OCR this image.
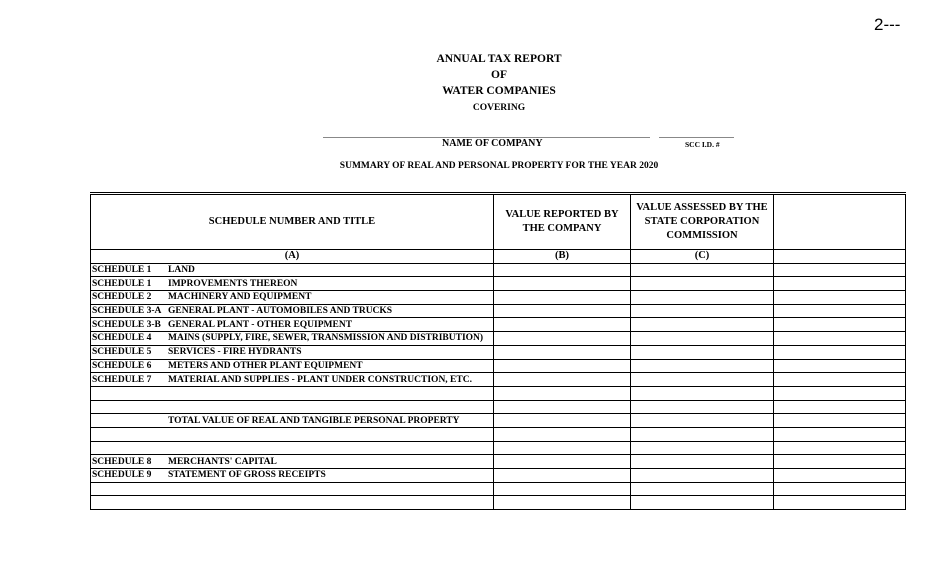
2---
ANNUAL TAX REPORT
OF
WATER COMPANIES
COVERING
NAME OF COMPANY	SCC I.D. #
SUMMARY OF REAL AND PERSONAL PROPERTY FOR THE YEAR 2020
SCHEDULE NUMBER AND TITLE	VALUE REPORTED BY THE COMPANY	VALUE ASSESSED BY THE STATE CORPORATION COMMISSION	
(A)	(B)	(C)	
SCHEDULE 1 LAND			
SCHEDULE 1 IMPROVEMENTS THEREON			
SCHEDULE 2 MACHINERY AND EQUIPMENT			
SCHEDULE 3-A GENERAL PLANT - AUTOMOBILES AND TRUCKS			
SCHEDULE 3-B GENERAL PLANT - OTHER EQUIPMENT			
SCHEDULE 4 MAINS (SUPPLY, FIRE, SEWER, TRANSMISSION AND DISTRIBUTION)			
SCHEDULE 5 SERVICES - FIRE HYDRANTS			
SCHEDULE 6 METERS AND OTHER PLANT EQUIPMENT			
SCHEDULE 7 MATERIAL AND SUPPLIES - PLANT UNDER CONSTRUCTION, ETC.			

TOTAL VALUE OF REAL AND TANGIBLE PERSONAL PROPERTY			

SCHEDULE 8 MERCHANTS' CAPITAL			
SCHEDULE 9 STATEMENT OF GROSS RECEIPTS			
